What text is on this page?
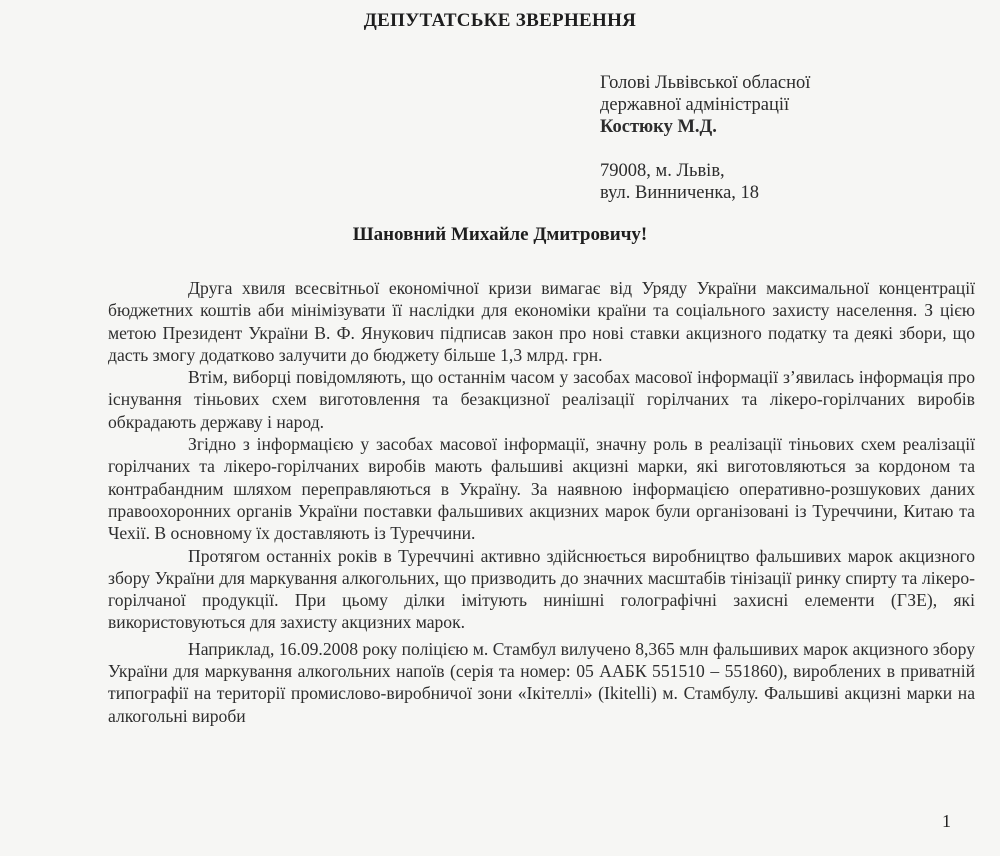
ДЕПУТАТСЬКЕ ЗВЕРНЕННЯ
Голові Львівської обласної
державної адміністрації
Костюку М.Д.
79008, м. Львів,
вул. Винниченка, 18
Шановний Михайле Дмитровичу!

Друга хвиля всесвітньої економічної кризи вимагає від Уряду України максимальної концентрації бюджетних коштів аби мінімізувати її наслідки для економіки країни та соціального захисту населення. З цією метою Президент України В. Ф. Янукович підписав закон про нові ставки акцизного податку та деякі збори, що дасть змогу додатково залучити до бюджету більше 1,3 млрд. грн.

Втім, виборці повідомляють, що останнім часом у засобах масової інформації з’явилась інформація про існування тіньових схем виготовлення та безакцизної реалізації горілчаних та лікеро-горілчаних виробів обкрадають державу і народ.

Згідно з інформацією у засобах масової інформації, значну роль в реалізації тіньових схем реалізації горілчаних та лікеро-горілчаних виробів мають фальшиві акцизні марки, які виготовляються за кордоном та контрабандним шляхом переправляються в Україну. За наявною інформацією оперативно-розшукових даних правоохоронних органів України поставки фальшивих акцизних марок були організовані із Туреччини, Китаю та Чехії. В основному їх доставляють із Туреччини.

Протягом останніх років в Туреччині активно здійснюється виробництво фальшивих марок акцизного збору України для маркування алкогольних, що призводить до значних масштабів тінізації ринку спирту та лікеро-горілчаної продукції. При цьому ділки імітують нинішні голографічні захисні елементи (ГЗЕ), які використовуються для захисту акцизних марок.

Наприклад, 16.09.2008 року поліцією м. Стамбул вилучено 8,365 млн фальшивих марок акцизного збору України для маркування алкогольних напоїв (серія та номер: 05 ААБК 551510 – 551860), вироблених в приватній типографії на території промислово-виробничої зони «Ікітеллі» (Ikitelli) м. Стамбулу. Фальшиві акцизні марки на алкогольні вироби

1
